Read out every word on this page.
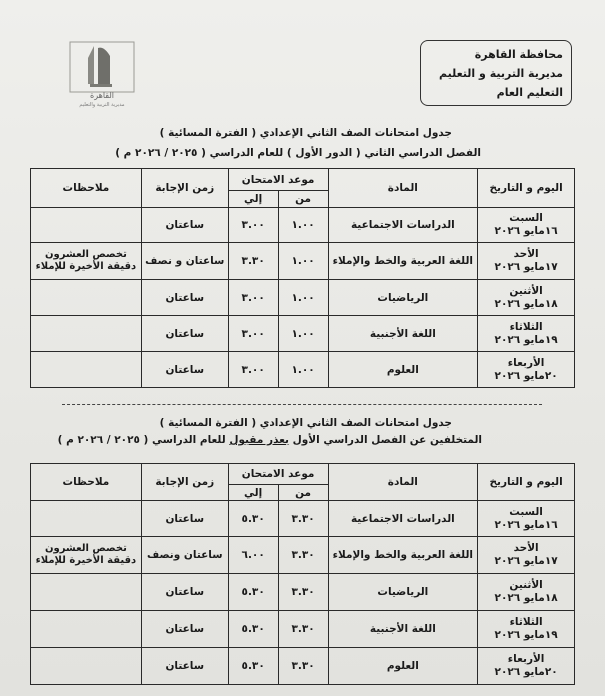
محافظة القاهرة
مديرية التربية و التعليم
التعليم العام
القاهرة
مديرية التربية والتعليم
جدول امتحانات الصف الثاني الإعدادي ( الفترة المسائية )
الفصل الدراسي الثاني ( الدور الأول ) للعام الدراسي ( ٢٠٢٥ / ٢٠٢٦ م )
اليوم و التاريخ	المادة	موعد الامتحان		زمن الإجابة	ملاحظات
		من	إلي		

السبت
١٦مايو ٢٠٢٦	الدراسات الاجتماعية	١.٠٠	٣.٠٠	ساعتان	

الأحد
١٧مايو ٢٠٢٦	اللغة العربية والخط والإملاء	١.٠٠	٣.٣٠	ساعتان و نصف	تخصص العشرون دقيقة الأخيرة للإملاء

الأثنين
١٨مايو ٢٠٢٦	الرياضيات	١.٠٠	٣.٠٠	ساعتان	

الثلاثاء
١٩مايو ٢٠٢٦	اللغة الأجنبية	١.٠٠	٣.٠٠	ساعتان	

الأربعاء
٢٠مايو ٢٠٢٦	العلوم	١.٠٠	٣.٠٠	ساعتان	
جدول امتحانات الصف الثاني الإعدادي ( الفترة المسائية )
المتخلفين عن الفصل الدراسي الأول بعذر مقبول للعام الدراسي ( ٢٠٢٥ / ٢٠٢٦ م )
اليوم و التاريخ	المادة	موعد الامتحان		زمن الإجابة	ملاحظات
		من	إلي		

السبت
١٦مايو ٢٠٢٦	الدراسات الاجتماعية	٣.٣٠	٥.٣٠	ساعتان	

الأحد
١٧مايو ٢٠٢٦	اللغة العربية والخط والإملاء	٣.٣٠	٦.٠٠	ساعتان ونصف	تخصص العشرون دقيقة الأخيرة للإملاء

الأثنين
١٨مايو ٢٠٢٦	الرياضيات	٣.٣٠	٥.٣٠	ساعتان	

الثلاثاء
١٩مايو ٢٠٢٦	اللغة الأجنبية	٣.٣٠	٥.٣٠	ساعتان	

الأربعاء
٢٠مايو ٢٠٢٦	العلوم	٣.٣٠	٥.٣٠	ساعتان	
